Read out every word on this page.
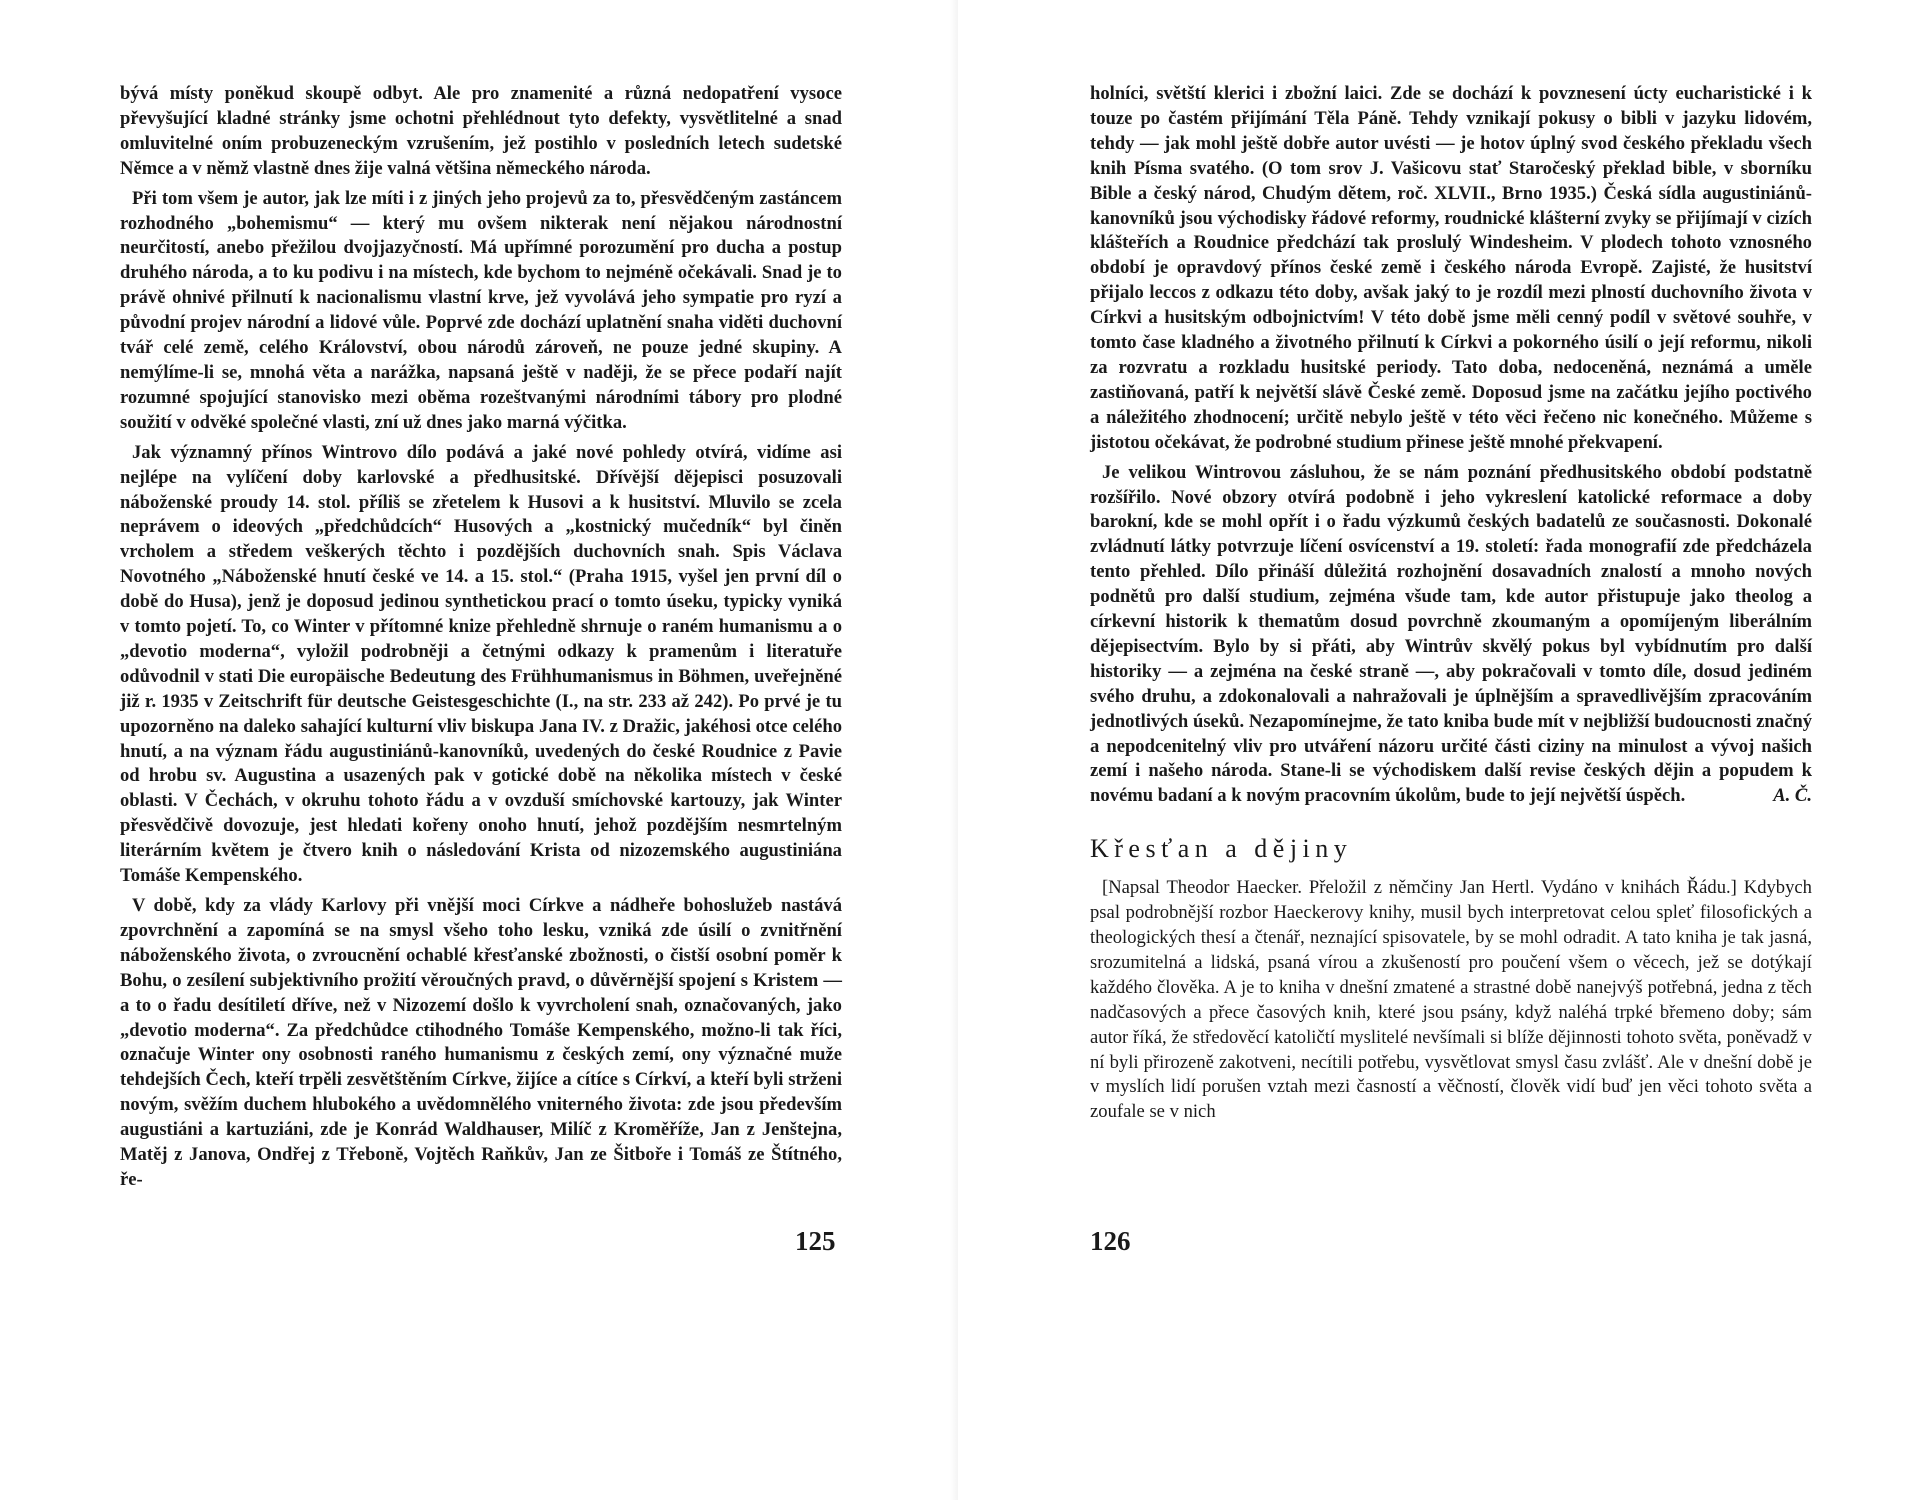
bývá místy poněkud skoupě odbyt. Ale pro znamenité a různá nedopatření vysoce převyšující kladné stránky jsme ochotni přehlédnout tyto defekty, vysvětlitelné a snad omluvitelné oním probuzeneckým vzrušením, jež postihlo v posledních letech sudetské Němce a v němž vlastně dnes žije valná většina německého národa.

Při tom všem je autor, jak lze míti i z jiných jeho projevů za to, přesvědčeným zastáncem rozhodného „bohemismu“ — který mu ovšem nikterak není nějakou národnostní neurčitostí, anebo přežilou dvojjazyčností. Má upřímné porozumění pro ducha a postup druhého národa, a to ku podivu i na místech, kde bychom to nejméně očekávali. Snad je to právě ohnivé přilnutí k nacionalismu vlastní krve, jež vyvolává jeho sympatie pro ryzí a původní projev národní a lidové vůle. Poprvé zde dochází uplatnění snaha viděti duchovní tvář celé země, celého Království, obou národů zároveň, ne pouze jedné skupiny. A nemýlíme-li se, mnohá věta a narážka, napsaná ještě v naději, že se přece podaří najít rozumné spojující stanovisko mezi oběma rozeštvanými národními tábory pro plodné soužití v odvěké společné vlasti, zní už dnes jako marná výčitka.

Jak významný přínos Wintrovo dílo podává a jaké nové pohledy otvírá, vidíme asi nejlépe na vylíčení doby karlovské a předhusitské. Dřívější dějepisci posuzovali náboženské proudy 14. stol. příliš se zřetelem k Husovi a k husitství. Mluvilo se zcela neprávem o ideových „předchůdcích“ Husových a „kostnický mučedník“ byl činěn vrcholem a středem veškerých těchto i pozdějších duchovních snah. Spis Václava Novotného „Náboženské hnutí české ve 14. a 15. stol.“ (Praha 1915, vyšel jen první díl o době do Husa), jenž je doposud jedinou synthetickou prací o tomto úseku, typicky vyniká v tomto pojetí. To, co Winter v přítomné knize přehledně shrnuje o raném humanismu a o „devotio moderna“, vyložil podrobněji a četnými odkazy k pramenům i literatuře odůvodnil v stati Die europäische Bedeutung des Frühhumanismus in Böhmen, uveřejněné již r. 1935 v Zeitschrift für deutsche Geistesgeschichte (I., na str. 233 až 242). Po prvé je tu upozorněno na daleko sahající kulturní vliv biskupa Jana IV. z Dražic, jakéhosi otce celého hnutí, a na význam řádu augustiniánů-kanovníků, uvedených do české Roudnice z Pavie od hrobu sv. Augustina a usazených pak v gotické době na několika místech v české oblasti. V Čechách, v okruhu tohoto řádu a v ovzduší smíchovské kartouzy, jak Winter přesvědčivě dovozuje, jest hledati kořeny onoho hnutí, jehož pozdějším nesmrtelným literárním květem je čtvero knih o následování Krista od nizozemského augustiniána Tomáše Kempenského.

V době, kdy za vlády Karlovy při vnější moci Církve a nádheře bohoslužeb nastává zpovrchnění a zapomíná se na smysl všeho toho lesku, vzniká zde úsilí o zvnitřnění náboženského života, o zvroucnění ochablé křesťanské zbožnosti, o čistší osobní poměr k Bohu, o zesílení subjektivního prožití věroučných pravd, o důvěrnější spojení s Kristem — a to o řadu desítiletí dříve, než v Nizozemí došlo k vyvrcholení snah, označovaných, jako „devotio moderna“. Za předchůdce ctihodného Tomáše Kempenského, možno-li tak říci, označuje Winter ony osobnosti raného humanismu z českých zemí, ony význačné muže tehdejších Čech, kteří trpěli zesvětštěním Církve, žijíce a cítíce s Církví, a kteří byli strženi novým, svěžím duchem hlubokého a uvědomnělého vniterného života: zde jsou především augustiáni a kartuziáni, zde je Konrád Waldhauser, Milíč z Kroměříže, Jan z Jenštejna, Matěj z Janova, Ondřej z Třeboně, Vojtěch Raňkův, Jan ze Šitboře i Tomáš ze Štítného, ře-

125

holníci, světští klerici i zbožní laici. Zde se dochází k povznesení úcty eucharistické i k touze po častém přijímání Těla Páně. Tehdy vznikají pokusy o bibli v jazyku lidovém, tehdy — jak mohl ještě dobře autor uvésti — je hotov úplný svod českého překladu všech knih Písma svatého. (O tom srov J. Vašicovu stať Staročeský překlad bible, v sborníku Bible a český národ, Chudým dětem, roč. XLVII., Brno 1935.) Česká sídla augustiniánů-kanovníků jsou východisky řádové reformy, roudnické klášterní zvyky se přijímají v cizích klášteřích a Roudnice předchází tak proslulý Windesheim. V plodech tohoto vznosného období je opravdový přínos české země i českého národa Evropě. Zajisté, že husitství přijalo leccos z odkazu této doby, avšak jaký to je rozdíl mezi plností duchovního života v Církvi a husitským odbojnictvím! V této době jsme měli cenný podíl v světové souhře, v tomto čase kladného a životného přilnutí k Církvi a pokorného úsilí o její reformu, nikoli za rozvratu a rozkladu husitské periody. Tato doba, nedoceněná, neznámá a uměle zastiňovaná, patří k největší slávě České země. Doposud jsme na začátku jejího poctivého a náležitého zhodnocení; určitě nebylo ještě v této věci řečeno nic konečného. Můžeme s jistotou očekávat, že podrobné studium přinese ještě mnohé překvapení.

Je velikou Wintrovou zásluhou, že se nám poznání předhusitského období podstatně rozšířilo. Nové obzory otvírá podobně i jeho vykreslení katolické reformace a doby barokní, kde se mohl opřít i o řadu výzkumů českých badatelů ze současnosti. Dokonalé zvládnutí látky potvrzuje líčení osvícenství a 19. století: řada monografií zde předcházela tento přehled. Dílo přináší důležitá rozhojnění dosavadních znalostí a mnoho nových podnětů pro další studium, zejména všude tam, kde autor přistupuje jako theolog a církevní historik k thematům dosud povrchně zkoumaným a opomíjeným liberálním dějepisectvím. Bylo by si přáti, aby Wintrův skvělý pokus byl vybídnutím pro další historiky — a zejména na české straně —, aby pokračovali v tomto díle, dosud jediném svého druhu, a zdokonalovali a nahražovali je úplnějším a spravedlivějším zpracováním jednotlivých úseků. Nezapomínejme, že tato kniba bude mít v nejbližší budoucnosti značný a nepodcenitelný vliv pro utváření názoru určité části ciziny na minulost a vývoj našich zemí i našeho národa. Stane-li se východiskem další revise českých dějin a popudem k novému badaní a k novým pracovním úkolům, bude to její největší úspěch.	A. Č.

Křesťan a dějiny

[Napsal Theodor Haecker. Přeložil z němčiny Jan Hertl. Vydáno v knihách Řádu.] Kdybych psal podrobnější rozbor Haeckerovy knihy, musil bych interpretovat celou spleť filosofických a theologických thesí a čtenář, neznající spisovatele, by se mohl odradit. A tato kniha je tak jasná, srozumitelná a lidská, psaná vírou a zkušeností pro poučení všem o věcech, jež se dotýkají každého člověka. A je to kniha v dnešní zmatené a strastné době nanejvýš potřebná, jedna z těch nadčasových a přece časových knih, které jsou psány, když naléhá trpké břemeno doby; sám autor říká, že středověcí katoličtí myslitelé nevšímali si blíže dějinnosti tohoto světa, poněvadž v ní byli přirozeně zakotveni, necítili potřebu, vysvětlovat smysl času zvlášť. Ale v dnešní době je v myslích lidí porušen vztah mezi časností a věčností, člověk vidí buď jen věci tohoto světa a zoufale se v nich

126
